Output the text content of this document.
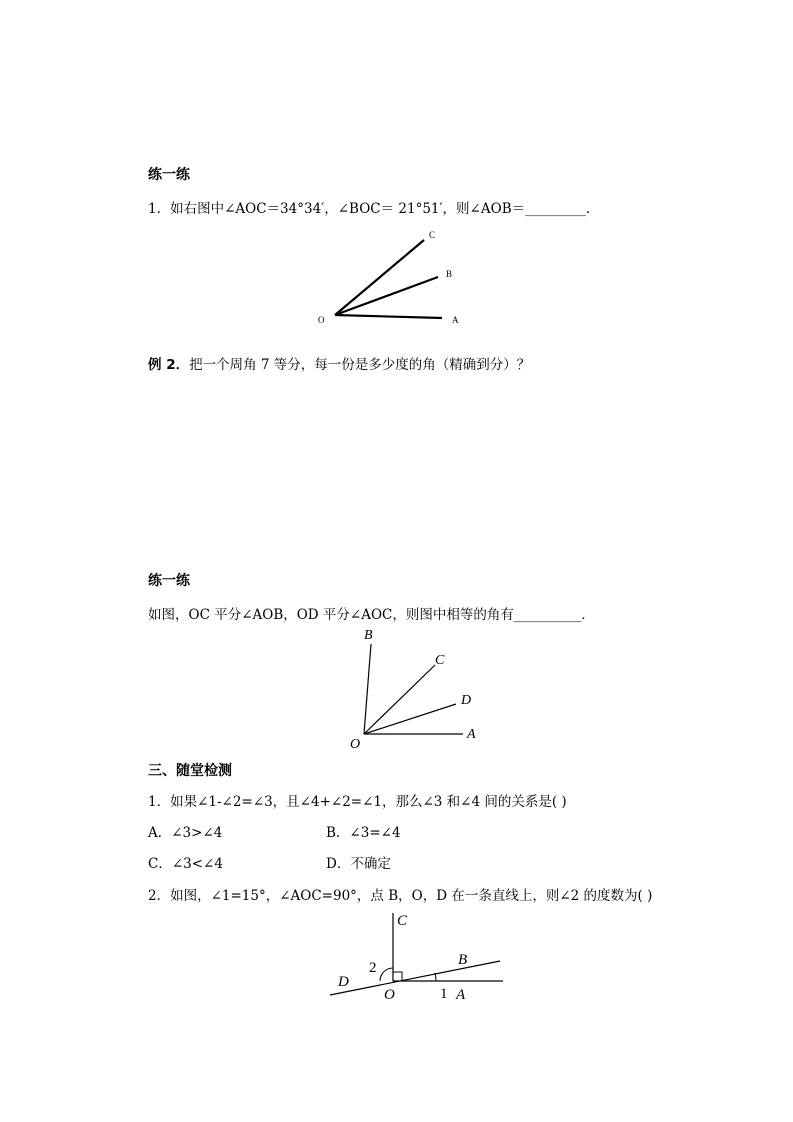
练一练
1．如右图中∠AOC＝34°34′，∠BOC＝ 21°51′，则∠AOB＝_________．
O	A
B
C
例 2．把一个周角 7 等分，每一份是多少度的角（精确到分）？
练一练
如图，OC 平分∠AOB，OD 平分∠AOC，则图中相等的角有__________．
B
C
D
A
O
三、随堂检测
1．如果∠1-∠2=∠3，且∠4+∠2=∠1，那么∠3 和∠4 间的关系是( )
A．∠3>∠4	B．∠3=∠4
C．∠3<∠4	D．不确定
2．如图，∠1=15°，∠AOC=90°，点 B，O，D 在一条直线上，则∠2 的度数为( )
C
B
D
O	A
1
2
